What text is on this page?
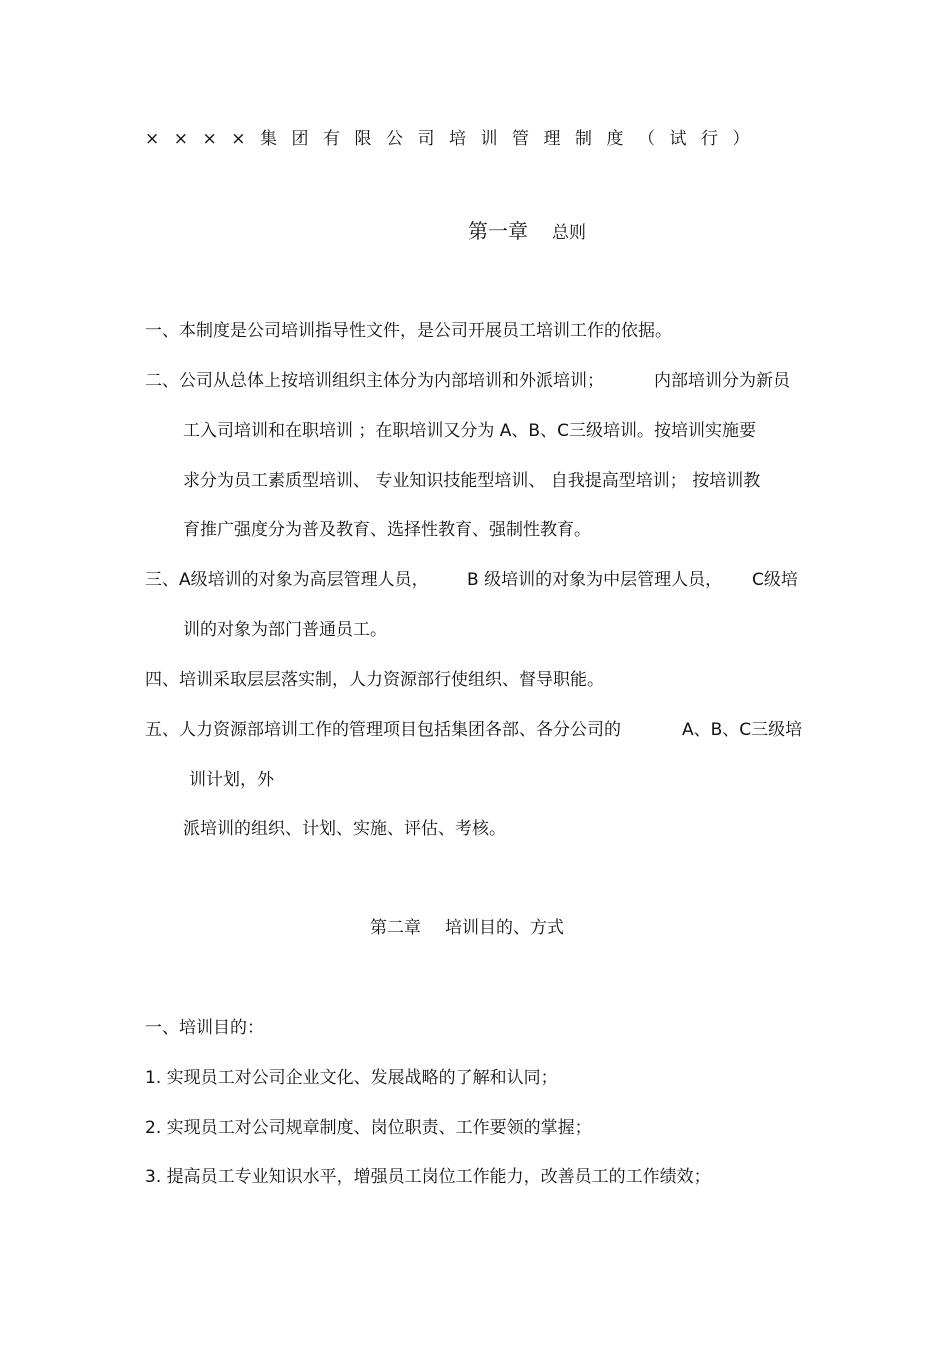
××××集团有限公司培训管理制度（试行）
第一章 总则
一、本制度是公司培训指导性文件，是公司开展员工培训工作的依据。
二、公司从总体上按培训组织主体分为内部培训和外派培训；	内部培训分为新员
工入司培训和在职培训 ；在职培训又分为 A、B、C三级培训。按培训实施要
求分为员工素质型培训、 专业知识技能型培训、 自我提高型培训； 按培训教
育推广强度分为普及教育、选择性教育、强制性教育。
三、A级培训的对象为高层管理人员， B 级培训的对象为中层管理人员， C级培
训的对象为部门普通员工。
四、培训采取层层落实制，人力资源部行使组织、督导职能。
五、人力资源部培训工作的管理项目包括集团各部、各分公司的	A、B、C三级培
训计划，外
派培训的组织、计划、实施、评估、考核。
第二章 培训目的、方式
一、培训目的：
1. 实现员工对公司企业文化、发展战略的了解和认同；
2. 实现员工对公司规章制度、岗位职责、工作要领的掌握；
3. 提高员工专业知识水平，增强员工岗位工作能力，改善员工的工作绩效；
